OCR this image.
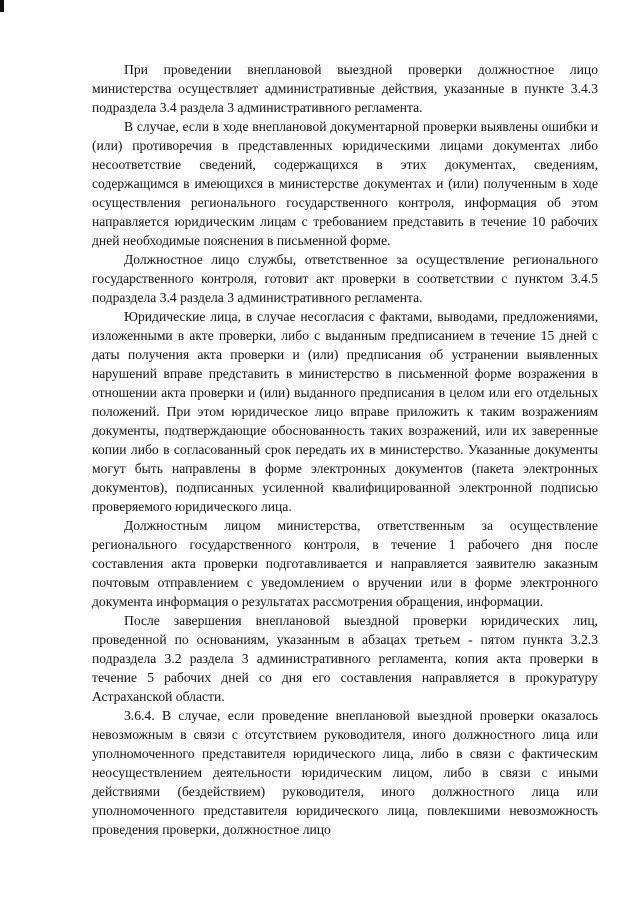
При проведении внеплановой выездной проверки должностное лицо министерства осуществляет административные действия, указанные в пункте 3.4.3 подраздела 3.4 раздела 3 административного регламента.

В случае, если в ходе внеплановой документарной проверки выявлены ошибки и (или) противоречия в представленных юридическими лицами документах либо несоответствие сведений, содержащихся в этих документах, сведениям, содержащимся в имеющихся в министерстве документах и (или) полученным в ходе осуществления регионального государственного контроля, информация об этом направляется юридическим лицам с требованием представить в течение 10 рабочих дней необходимые пояснения в письменной форме.

Должностное лицо службы, ответственное за осуществление регионального государственного контроля, готовит акт проверки в соответствии с пунктом 3.4.5 подраздела 3.4 раздела 3 административного регламента.

Юридические лица, в случае несогласия с фактами, выводами, предложениями, изложенными в акте проверки, либо с выданным предписанием в течение 15 дней с даты получения акта проверки и (или) предписания об устранении выявленных нарушений вправе представить в министерство в письменной форме возражения в отношении акта проверки и (или) выданного предписания в целом или его отдельных положений. При этом юридическое лицо вправе приложить к таким возражениям документы, подтверждающие обоснованность таких возражений, или их заверенные копии либо в согласованный срок передать их в министерство. Указанные документы могут быть направлены в форме электронных документов (пакета электронных документов), подписанных усиленной квалифицированной электронной подписью проверяемого юридического лица.

Должностным лицом министерства, ответственным за осуществление регионального государственного контроля, в течение 1 рабочего дня после составления акта проверки подготавливается и направляется заявителю заказным почтовым отправлением с уведомлением о вручении или в форме электронного документа информация о результатах рассмотрения обращения, информации.

После завершения внеплановой выездной проверки юридических лиц, проведенной по основаниям, указанным в абзацах третьем - пятом пункта 3.2.3 подраздела 3.2 раздела 3 административного регламента, копия акта проверки в течение 5 рабочих дней со дня его составления направляется в прокуратуру Астраханской области.

3.6.4. В случае, если проведение внеплановой выездной проверки оказалось невозможным в связи с отсутствием руководителя, иного должностного лица или уполномоченного представителя юридического лица, либо в связи с фактическим неосуществлением деятельности юридическим лицом, либо в связи с иными действиями (бездействием) руководителя, иного должностного лица или уполномоченного представителя юридического лица, повлекшими невозможность проведения проверки, должностное лицо
